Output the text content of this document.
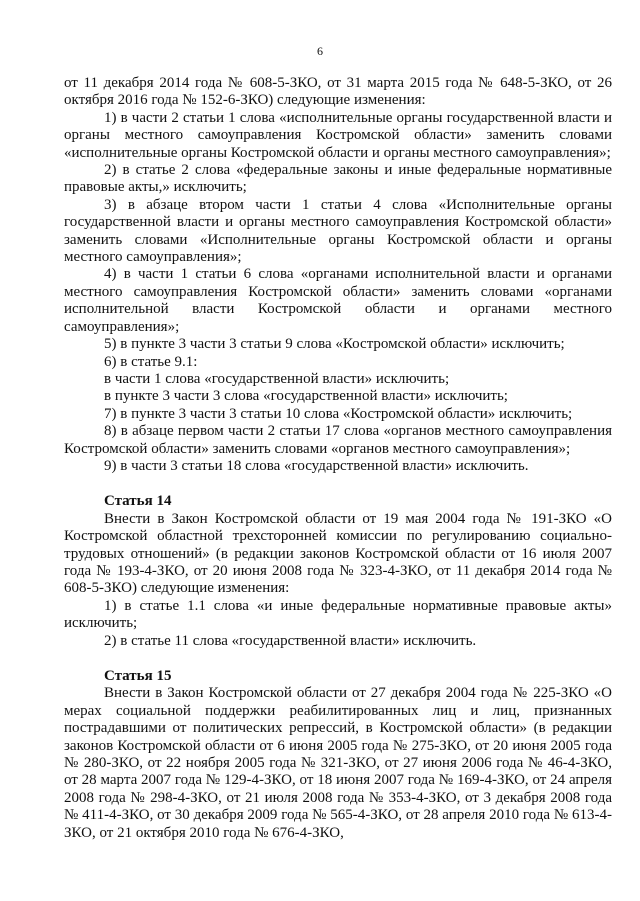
6

от 11 декабря 2014 года № 608-5-ЗКО, от 31 марта 2015 года № 648-5-ЗКО, от 26 октября 2016 года № 152-6-ЗКО) следующие изменения:

1) в части 2 статьи 1 слова «исполнительные органы государственной власти и органы местного самоуправления Костромской области» заменить словами «исполнительные органы Костромской области и органы местного самоуправления»;

2) в статье 2 слова «федеральные законы и иные федеральные нормативные правовые акты,» исключить;

3) в абзаце втором части 1 статьи 4 слова «Исполнительные органы государственной власти и органы местного самоуправления Костромской области» заменить словами «Исполнительные органы Костромской области и органы местного самоуправления»;

4) в части 1 статьи 6 слова «органами исполнительной власти и органами местного самоуправления Костромской области» заменить словами «органами исполнительной власти Костромской области и органами местного самоуправления»;

5) в пункте 3 части 3 статьи 9 слова «Костромской области» исключить;

6) в статье 9.1:

в части 1 слова «государственной власти» исключить;

в пункте 3 части 3 слова «государственной власти» исключить;

7) в пункте 3 части 3 статьи 10 слова «Костромской области» исключить;

8) в абзаце первом части 2 статьи 17 слова «органов местного самоуправления Костромской области» заменить словами «органов местного самоуправления»;

9) в части 3 статьи 18 слова «государственной власти» исключить.

Статья 14

Внести в Закон Костромской области от 19 мая 2004 года № 191-ЗКО «О Костромской областной трехсторонней комиссии по регулированию социально-трудовых отношений» (в редакции законов Костромской области от 16 июля 2007 года № 193-4-ЗКО, от 20 июня 2008 года № 323-4-ЗКО, от 11 декабря 2014 года № 608-5-ЗКО) следующие изменения:

1) в статье 1.1 слова «и иные федеральные нормативные правовые акты» исключить;

2) в статье 11 слова «государственной власти» исключить.

Статья 15

Внести в Закон Костромской области от 27 декабря 2004 года № 225-ЗКО «О мерах социальной поддержки реабилитированных лиц и лиц, признанных пострадавшими от политических репрессий, в Костромской области» (в редакции законов Костромской области от 6 июня 2005 года № 275-ЗКО, от 20 июня 2005 года № 280-ЗКО, от 22 ноября 2005 года № 321-ЗКО, от 27 июня 2006 года № 46-4-ЗКО, от 28 марта 2007 года № 129-4-ЗКО, от 18 июня 2007 года № 169-4-ЗКО, от 24 апреля 2008 года № 298-4-ЗКО, от 21 июля 2008 года № 353-4-ЗКО, от 3 декабря 2008 года № 411-4-ЗКО, от 30 декабря 2009 года № 565-4-ЗКО, от 28 апреля 2010 года № 613-4-ЗКО, от 21 октября 2010 года № 676-4-ЗКО,
